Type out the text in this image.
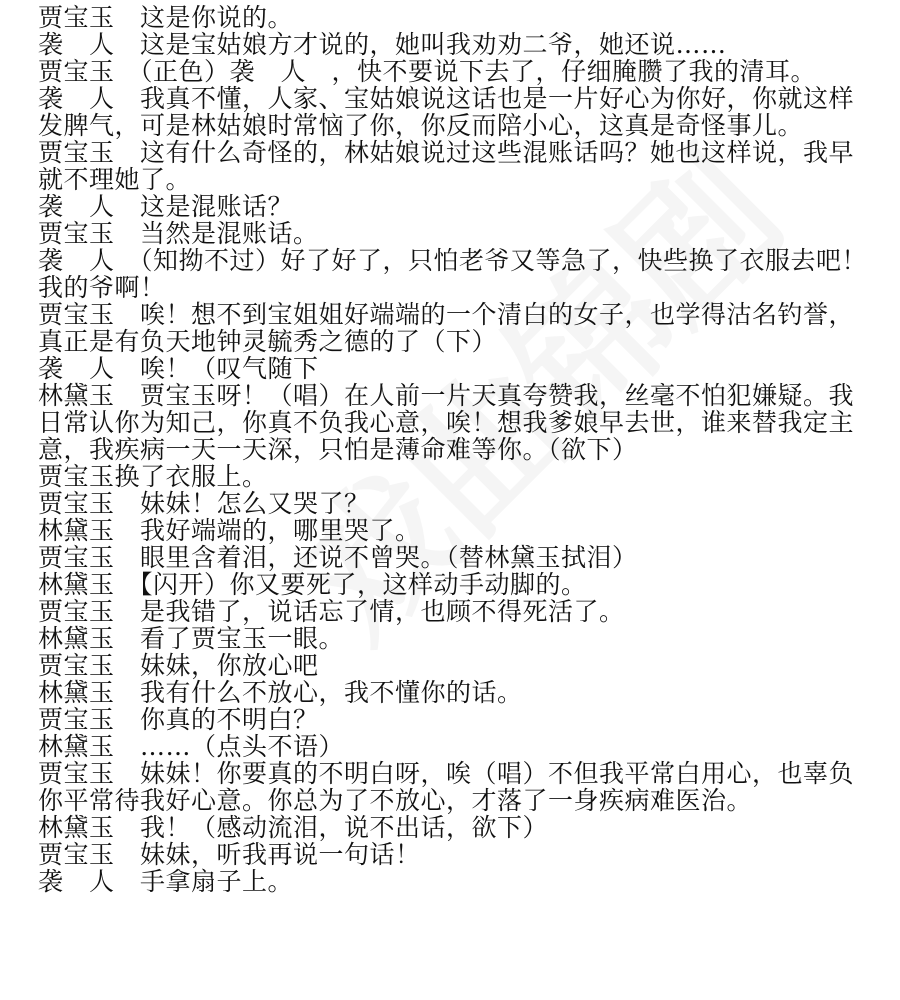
贾宝玉　这是你说的。

袭　人　这是宝姑娘方才说的，她叫我劝劝二爷，她还说……

贾宝玉　（正色）袭　人　，快不要说下去了，仔细腌臜了我的清耳。

袭　人　我真不懂，人家、宝姑娘说这话也是一片好心为你好，你就这样发脾气，可是林姑娘时常恼了你，你反而陪小心，这真是奇怪事儿。

贾宝玉　这有什么奇怪的，林姑娘说过这些混账话吗？她也这样说，我早就不理她了。

袭　人　这是混账话？

贾宝玉　当然是混账话。

袭　人　（知拗不过）好了好了，只怕老爷又等急了，快些换了衣服去吧！我的爷啊！

贾宝玉　唉！想不到宝姐姐好端端的一个清白的女子，也学得沽名钓誉，真正是有负天地钟灵毓秀之德的了（下）

袭　人　唉！（叹气随下

林黛玉　贾宝玉呀！（唱）在人前一片天真夸赞我，丝毫不怕犯嫌疑。我日常认你为知己，你真不负我心意，唉！想我爹娘早去世，谁来替我定主意，我疾病一天一天深，只怕是薄命难等你。（欲下）

贾宝玉换了衣服上。

贾宝玉　妹妹！怎么又哭了？

林黛玉　我好端端的，哪里哭了。

贾宝玉　眼里含着泪，还说不曾哭。（替林黛玉拭泪）

林黛玉　【闪开）你又要死了，这样动手动脚的。

贾宝玉　是我错了，说话忘了情，也顾不得死活了。

林黛玉　看了贾宝玉一眼。

贾宝玉　妹妹，你放心吧

林黛玉　我有什么不放心，我不懂你的话。

贾宝玉　你真的不明白？

林黛玉　……（点头不语）

贾宝玉　妹妹！你要真的不明白呀，唉（唱）不但我平常白用心，也辜负你平常待我好心意。你总为了不放心，才落了一身疾病难医治。

林黛玉　我！（感动流泪，说不出话，欲下）

贾宝玉　妹妹，听我再说一句话！

袭　人　手拿扇子上。
